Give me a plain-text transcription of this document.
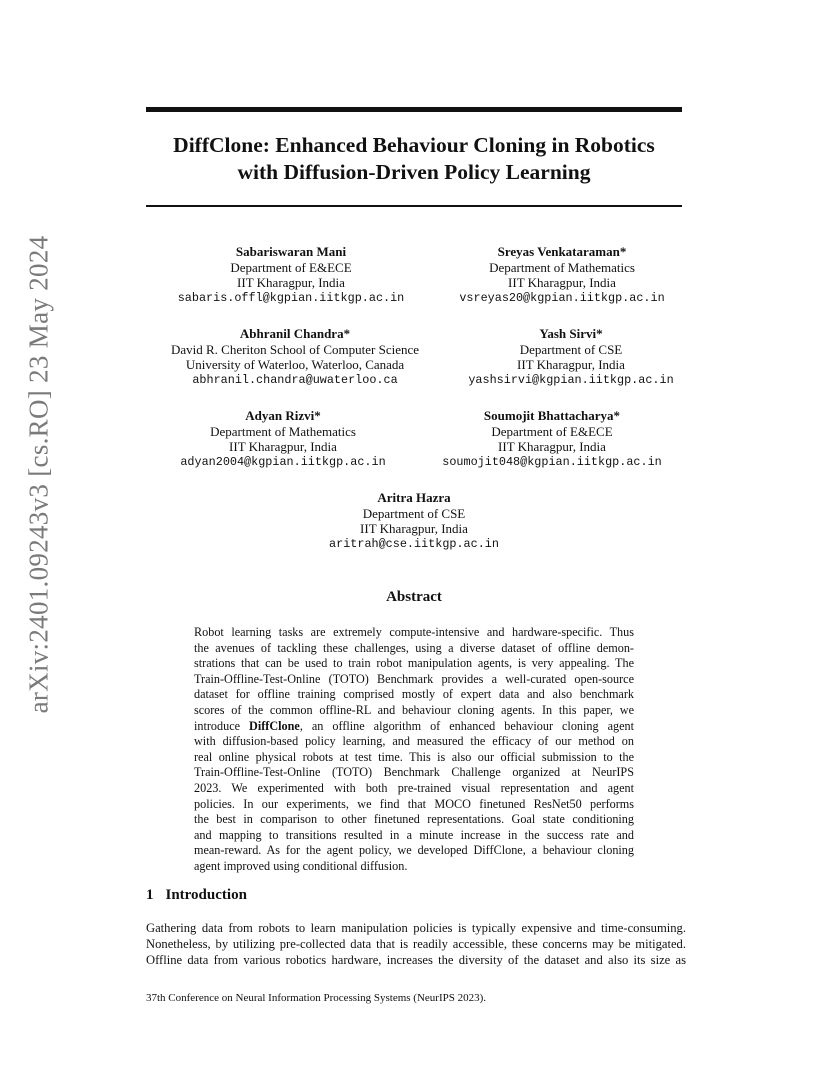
arXiv:2401.09243v3 [cs.RO] 23 May 2024
DiffClone: Enhanced Behaviour Cloning in Robotics
with Diffusion-Driven Policy Learning
Sabariswaran Mani
Department of E&ECE
IIT Kharagpur, India
sabaris.offl@kgpian.iitkgp.ac.in
Sreyas Venkataraman*
Department of Mathematics
IIT Kharagpur, India
vsreyas20@kgpian.iitkgp.ac.in
Abhranil Chandra*
David R. Cheriton School of Computer Science
University of Waterloo, Waterloo, Canada
abhranil.chandra@uwaterloo.ca
Yash Sirvi*
Department of CSE
IIT Kharagpur, India
yashsirvi@kgpian.iitkgp.ac.in
Adyan Rizvi*
Department of Mathematics
IIT Kharagpur, India
adyan2004@kgpian.iitkgp.ac.in
Soumojit Bhattacharya*
Department of E&ECE
IIT Kharagpur, India
soumojit048@kgpian.iitkgp.ac.in
Aritra Hazra
Department of CSE
IIT Kharagpur, India
aritrah@cse.iitkgp.ac.in
Abstract
Robot learning tasks are extremely compute-intensive and hardware-specific. Thus
the avenues of tackling these challenges, using a diverse dataset of offline demon-
strations that can be used to train robot manipulation agents, is very appealing. The
Train-Offline-Test-Online (TOTO) Benchmark provides a well-curated open-source
dataset for offline training comprised mostly of expert data and also benchmark
scores of the common offline-RL and behaviour cloning agents. In this paper, we
introduce DiffClone, an offline algorithm of enhanced behaviour cloning agent
with diffusion-based policy learning, and measured the efficacy of our method on
real online physical robots at test time. This is also our official submission to the
Train-Offline-Test-Online (TOTO) Benchmark Challenge organized at NeurIPS
2023. We experimented with both pre-trained visual representation and agent
policies. In our experiments, we find that MOCO finetuned ResNet50 performs
the best in comparison to other finetuned representations. Goal state conditioning
and mapping to transitions resulted in a minute increase in the success rate and
mean-reward. As for the agent policy, we developed DiffClone, a behaviour cloning
agent improved using conditional diffusion.
1 Introduction
Gathering data from robots to learn manipulation policies is typically expensive and time-consuming.
Nonetheless, by utilizing pre-collected data that is readily accessible, these concerns may be mitigated.
Offline data from various robotics hardware, increases the diversity of the dataset and also its size as
37th Conference on Neural Information Processing Systems (NeurIPS 2023).
